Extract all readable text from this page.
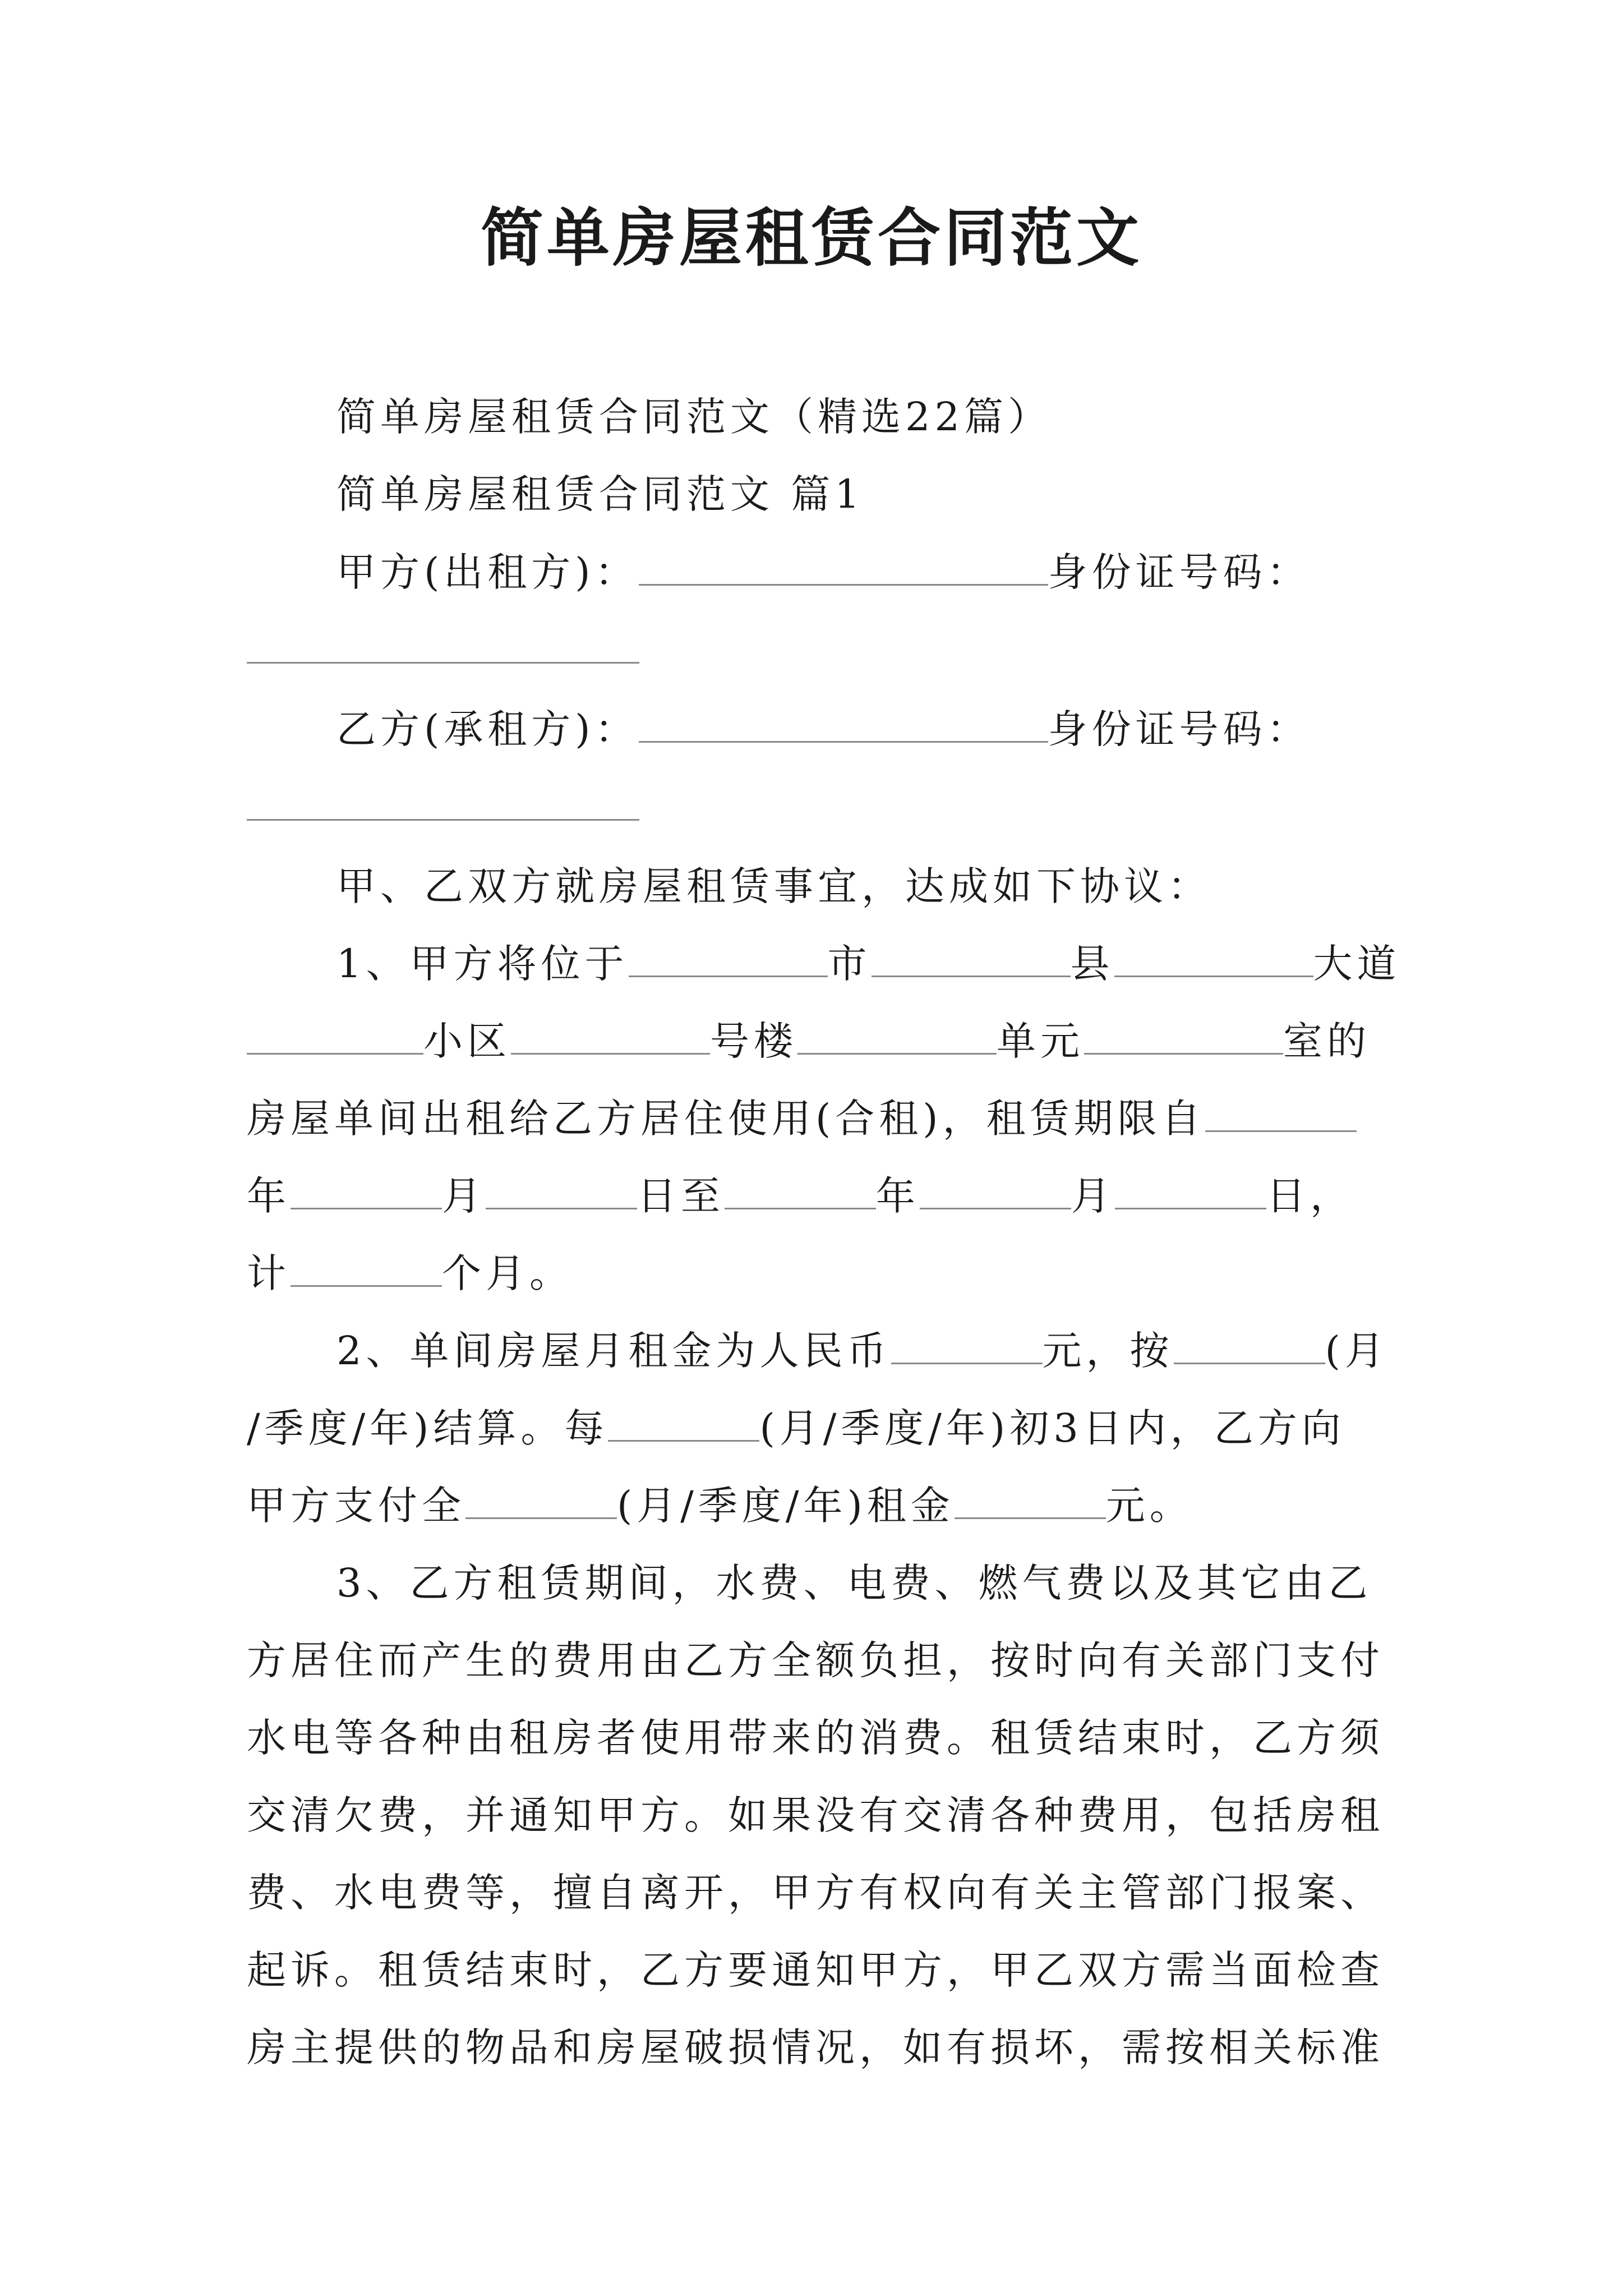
简单房屋租赁合同范文
简单房屋租赁合同范文（精选22篇）
简单房屋租赁合同范文 篇1
甲方(出租方)：	身份证号码：
乙方(承租方)：	身份证号码：
甲、乙双方就房屋租赁事宜，达成如下协议：
1、甲方将位于	市	县	大道
小区	号楼	单元	室的
房屋单间出租给乙方居住使用(合租)，租赁期限自
年	月	日至	年	月	日，
计	个月。
2、单间房屋月租金为人民币	元，按	(月
/季度/年)结算。每	(月/季度/年)初3日内，乙方向
甲方支付全	(月/季度/年)租金	元。
3、乙方租赁期间，水费、电费、燃气费以及其它由乙
方居住而产生的费用由乙方全额负担，按时向有关部门支付
水电等各种由租房者使用带来的消费。租赁结束时，乙方须
交清欠费，并通知甲方。如果没有交清各种费用，包括房租
费、水电费等，擅自离开，甲方有权向有关主管部门报案、
起诉。租赁结束时，乙方要通知甲方，甲乙双方需当面检查
房主提供的物品和房屋破损情况，如有损坏，需按相关标准
